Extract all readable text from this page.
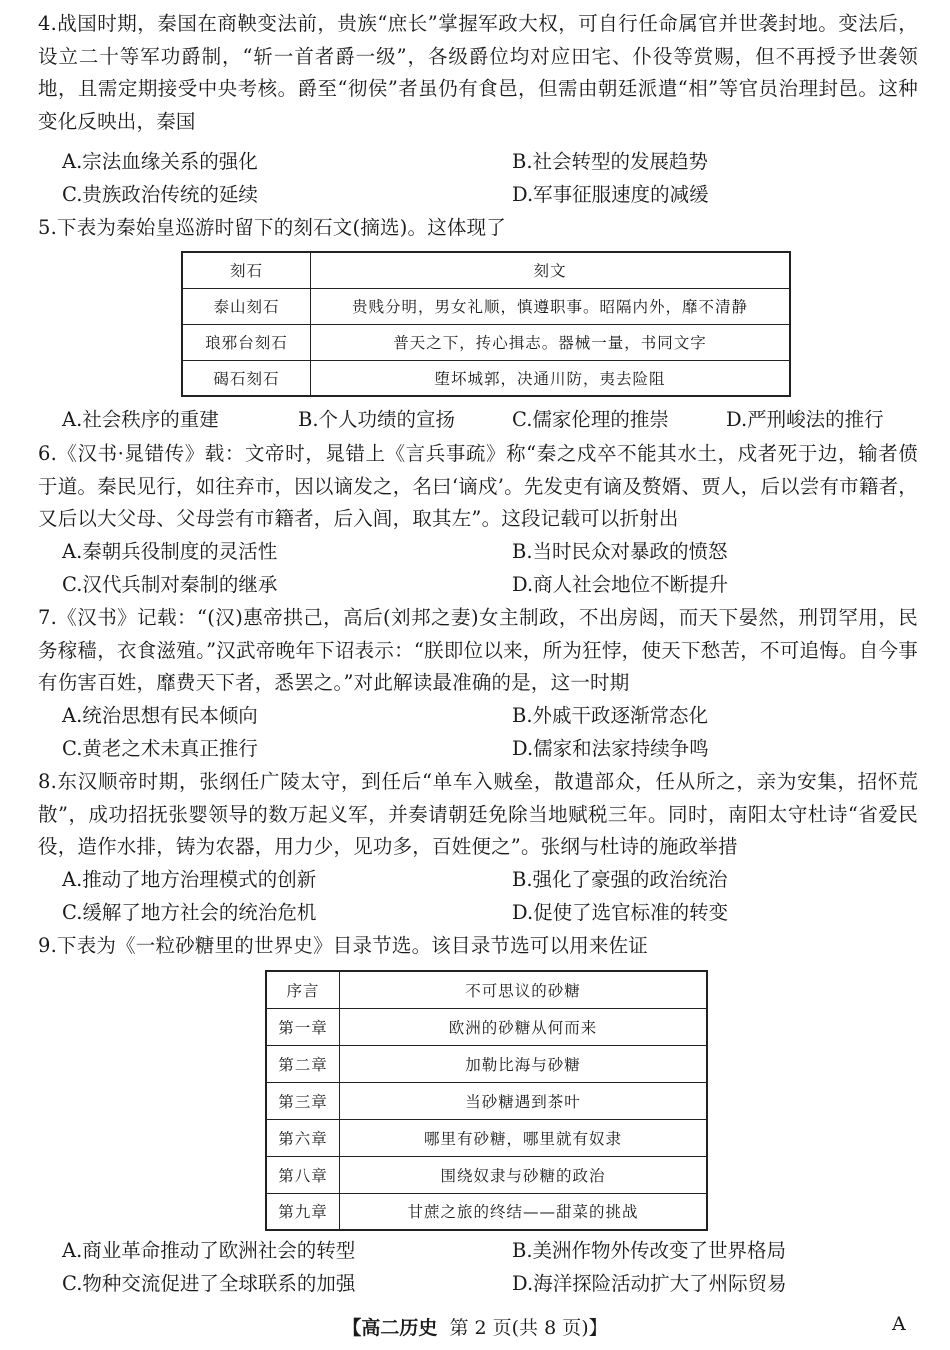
4.战国时期，秦国在商鞅变法前，贵族“庶长”掌握军政大权，可自行任命属官并世袭封地。变法后，设立二十等军功爵制，“斩一首者爵一级”，各级爵位均对应田宅、仆役等赏赐，但不再授予世袭领地，且需定期接受中央考核。爵至“彻侯”者虽仍有食邑，但需由朝廷派遣“相”等官员治理封邑。这种变化反映出，秦国

A.宗法血缘关系的强化	B.社会转型的发展趋势
C.贵族政治传统的延续	D.军事征服速度的减缓

5.下表为秦始皇巡游时留下的刻石文(摘选)。这体现了

刻石	刻文
泰山刻石	贵贱分明，男女礼顺，慎遵职事。昭隔内外，靡不清静
琅邪台刻石	普天之下，抟心揖志。器械一量，书同文字
碣石刻石	堕坏城郭，决通川防，夷去险阻
A.社会秩序的重建	B.个人功绩的宣扬	C.儒家伦理的推崇	D.严刑峻法的推行

6.《汉书·晁错传》载：文帝时，晁错上《言兵事疏》称“秦之戍卒不能其水土，戍者死于边，输者偾于道。秦民见行，如往弃市，因以谪发之，名曰‘谪戍’。先发吏有谪及赘婿、贾人，后以尝有市籍者，又后以大父母、父母尝有市籍者，后入闾，取其左”。这段记载可以折射出

A.秦朝兵役制度的灵活性	B.当时民众对暴政的愤怒
C.汉代兵制对秦制的继承	D.商人社会地位不断提升

7.《汉书》记载：“(汉)惠帝拱己，高后(刘邦之妻)女主制政，不出房闼，而天下晏然，刑罚罕用，民务稼穑，衣食滋殖。”汉武帝晚年下诏表示：“朕即位以来，所为狂悖，使天下愁苦，不可追悔。自今事有伤害百姓，靡费天下者，悉罢之。”对此解读最准确的是，这一时期

A.统治思想有民本倾向	B.外戚干政逐渐常态化
C.黄老之术未真正推行	D.儒家和法家持续争鸣

8.东汉顺帝时期，张纲任广陵太守，到任后“单车入贼垒，散遣部众，任从所之，亲为安集，招怀荒散”，成功招抚张婴领导的数万起义军，并奏请朝廷免除当地赋税三年。同时，南阳太守杜诗“省爱民役，造作水排，铸为农器，用力少，见功多，百姓便之”。张纲与杜诗的施政举措

A.推动了地方治理模式的创新	B.强化了豪强的政治统治
C.缓解了地方社会的统治危机	D.促使了选官标准的转变

9.下表为《一粒砂糖里的世界史》目录节选。该目录节选可以用来佐证

序言	不可思议的砂糖
第一章	欧洲的砂糖从何而来
第二章	加勒比海与砂糖
第三章	当砂糖遇到茶叶
第六章	哪里有砂糖，哪里就有奴隶
第八章	围绕奴隶与砂糖的政治
第九章	甘蔗之旅的终结——甜菜的挑战
A.商业革命推动了欧洲社会的转型	B.美洲作物外传改变了世界格局
C.物种交流促进了全球联系的加强	D.海洋探险活动扩大了州际贸易
【高二历史 第 2 页(共 8 页)】	A
